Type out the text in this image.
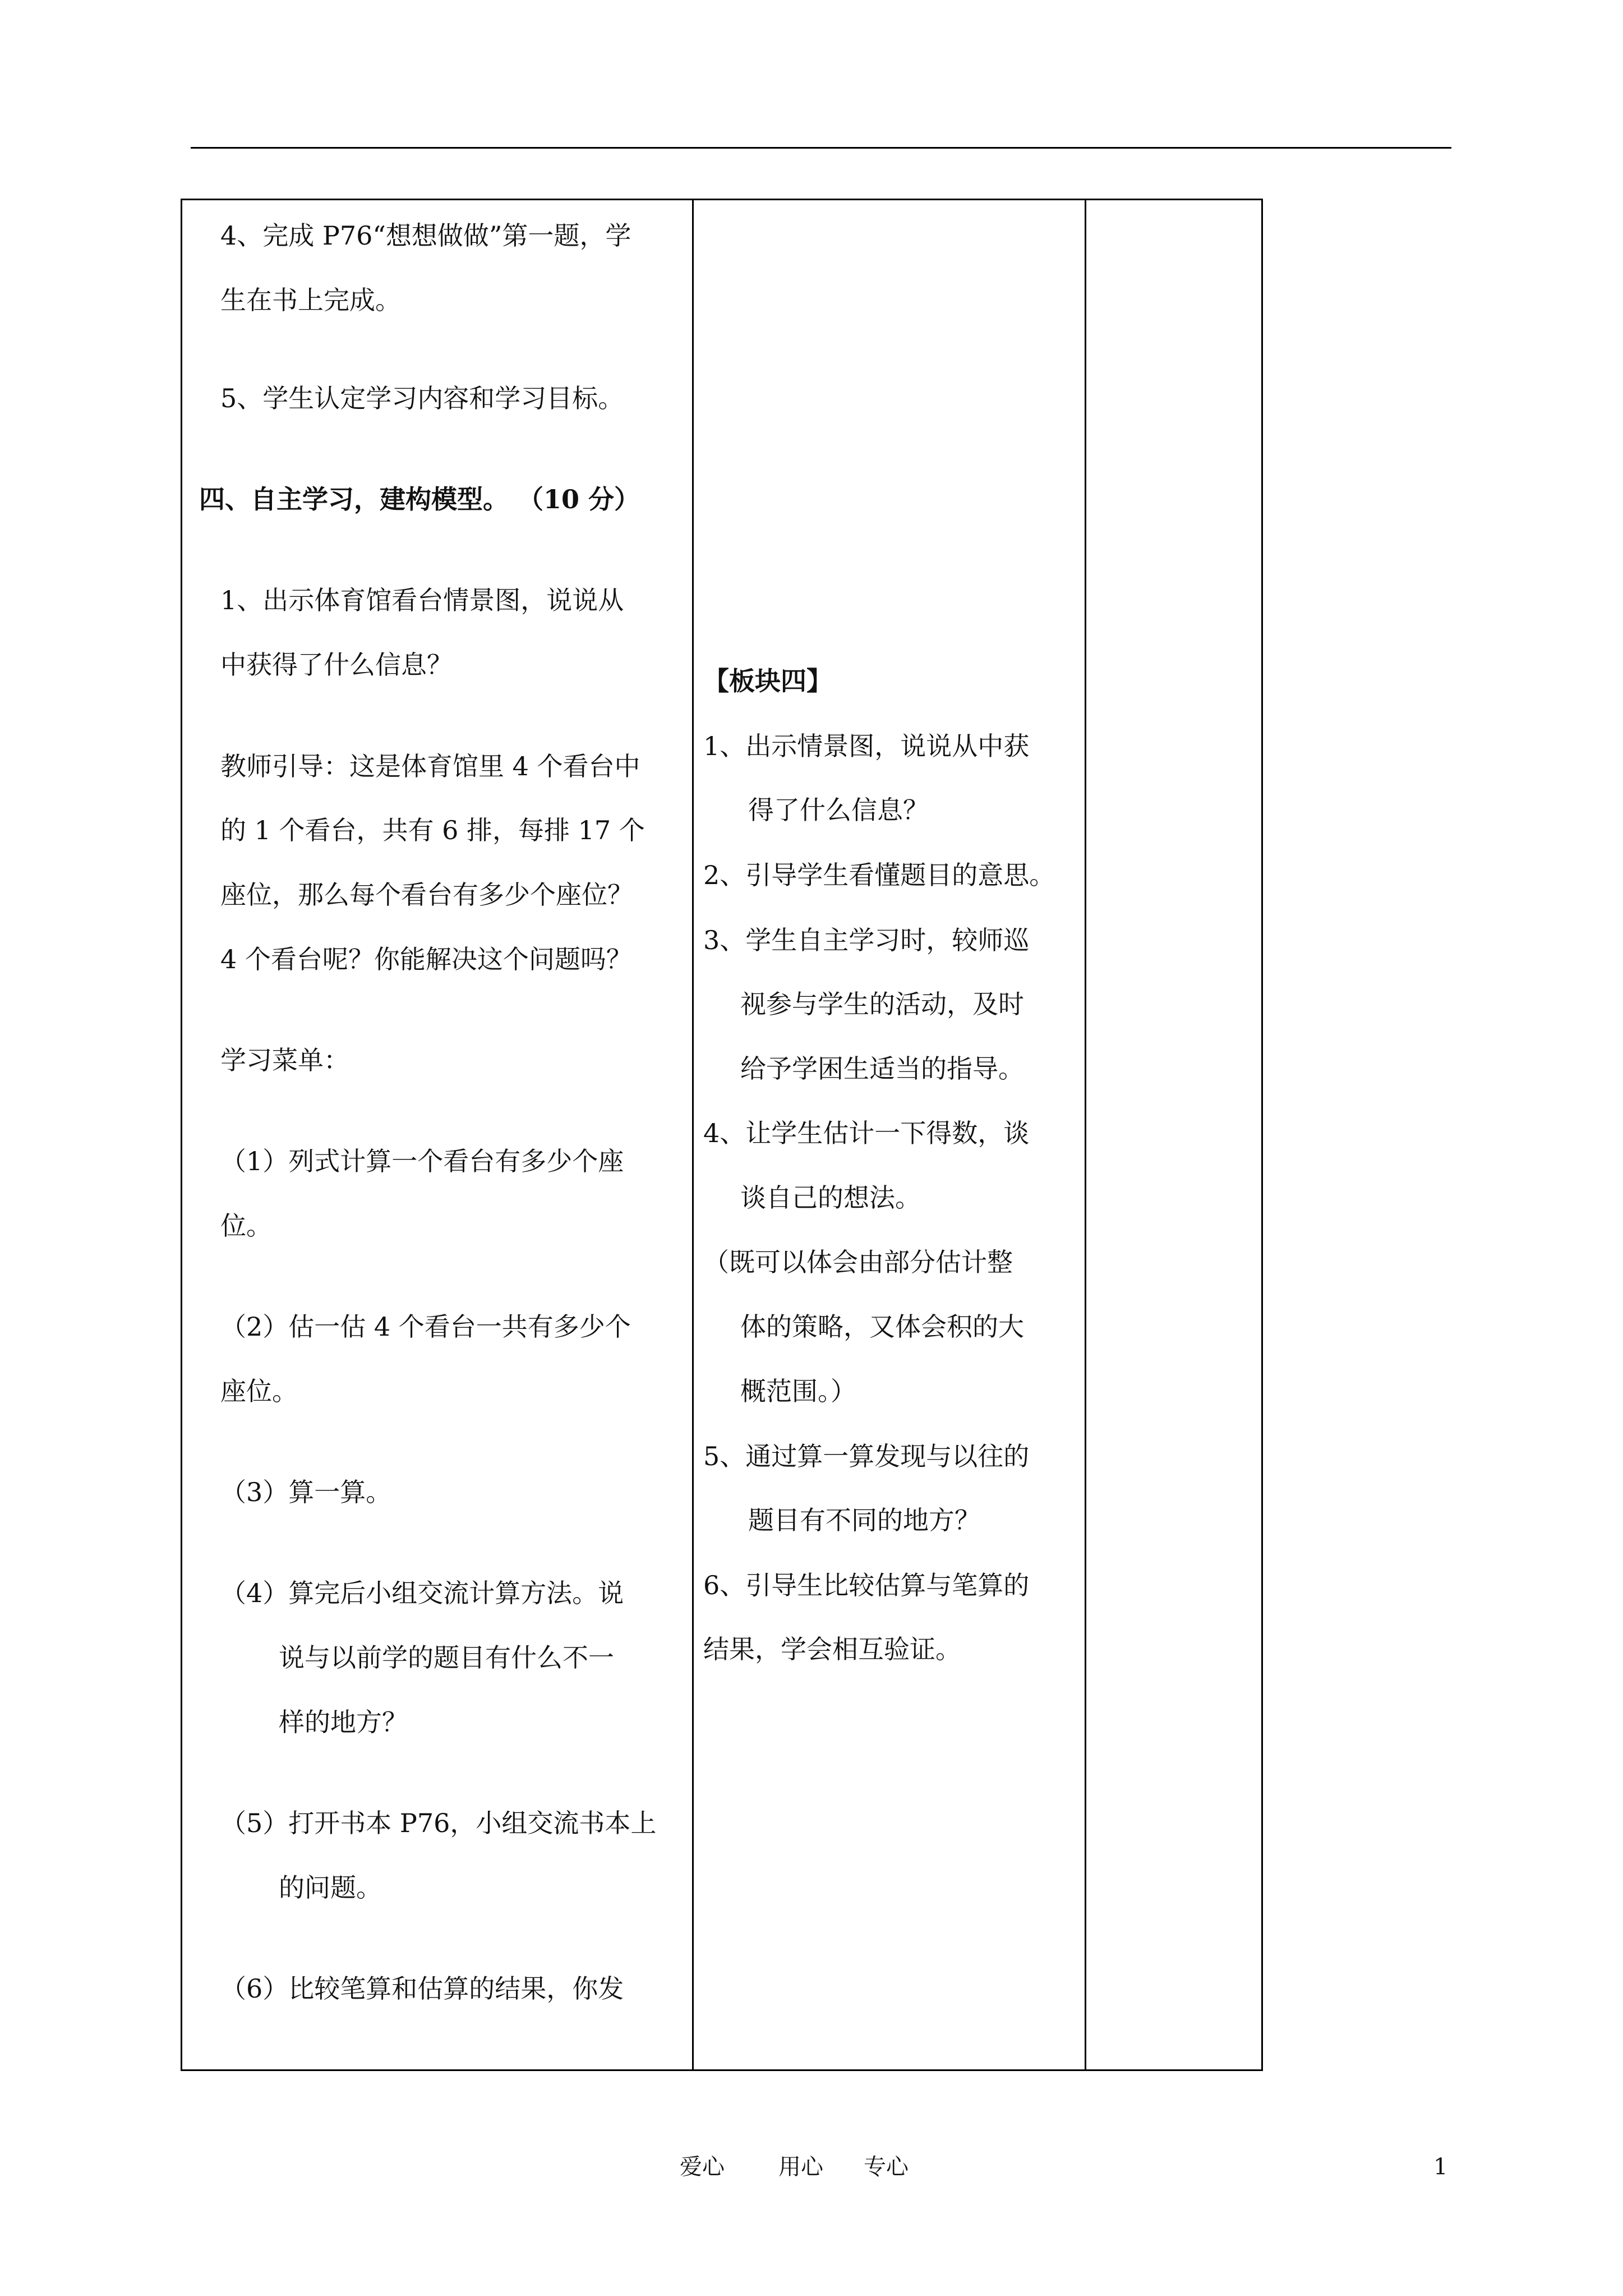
4、完成 P76“想想做做”第一题，学
生在书上完成。
5、学生认定学习内容和学习目标。
四、自主学习，建构模型。 （10 分）
1、出示体育馆看台情景图，说说从
中获得了什么信息？
教师引导：这是体育馆里 4 个看台中
的 1 个看台，共有 6 排，每排 17 个
座位，那么每个看台有多少个座位？
4 个看台呢？你能解决这个问题吗？
学习菜单：
（1）列式计算一个看台有多少个座
位。
（2）估一估 4 个看台一共有多少个
座位。
（3）算一算。
（4）算完后小组交流计算方法。说
说与以前学的题目有什么不一
样的地方？
（5）打开书本 P76，小组交流书本上
的问题。
（6）比较笔算和估算的结果，你发
【板块四】
1、出示情景图，说说从中获
得了什么信息？
2、引导学生看懂题目的意思。
3、学生自主学习时，较师巡
视参与学生的活动，及时
给予学困生适当的指导。
4、让学生估计一下得数，谈
谈自己的想法。
（既可以体会由部分估计整
体的策略，又体会积的大
概范围。）
5、通过算一算发现与以往的
题目有不同的地方？
6、引导生比较估算与笔算的
结果，学会相互验证。
爱心 用心 专心	1
